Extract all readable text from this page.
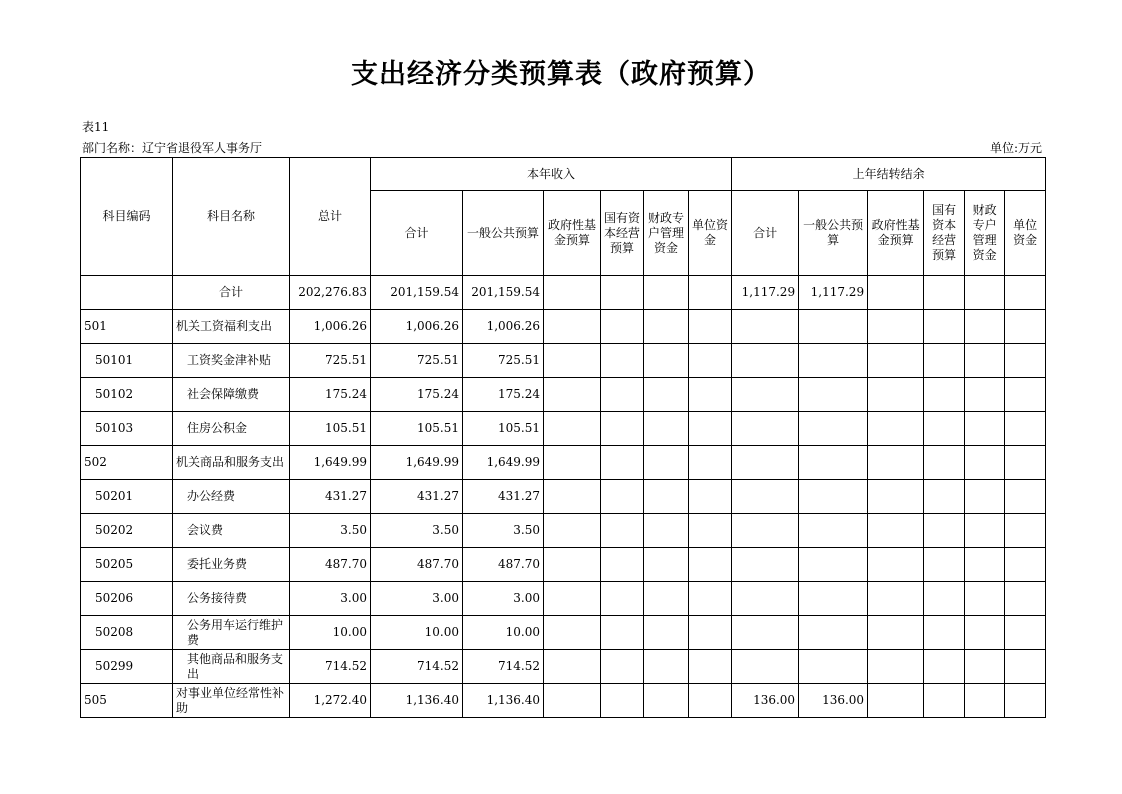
支出经济分类预算表（政府预算）
表11
部门名称：辽宁省退役军人事务厅	单位:万元
科目编码	科目名称	总计	本年收入						上年结转结余					
			合计	一般公共预算	政府性基金预算	国有资本经营预算	财政专户管理资金	单位资金	合计	一般公共预算	政府性基金预算	国有资本经营预算	财政专户管理资金	单位资金
	合计	202,276.83	201,159.54	201,159.54					1,117.29	1,117.29				
501	机关工资福利支出	1,006.26	1,006.26	1,006.26										
50101	工资奖金津补贴	725.51	725.51	725.51										
50102	社会保障缴费	175.24	175.24	175.24										
50103	住房公积金	105.51	105.51	105.51										
502	机关商品和服务支出	1,649.99	1,649.99	1,649.99										
50201	办公经费	431.27	431.27	431.27										
50202	会议费	3.50	3.50	3.50										
50205	委托业务费	487.70	487.70	487.70										
50206	公务接待费	3.00	3.00	3.00										
50208	公务用车运行维护费	10.00	10.00	10.00										
50299	其他商品和服务支出	714.52	714.52	714.52										
505	对事业单位经常性补助	1,272.40	1,136.40	1,136.40					136.00	136.00				
